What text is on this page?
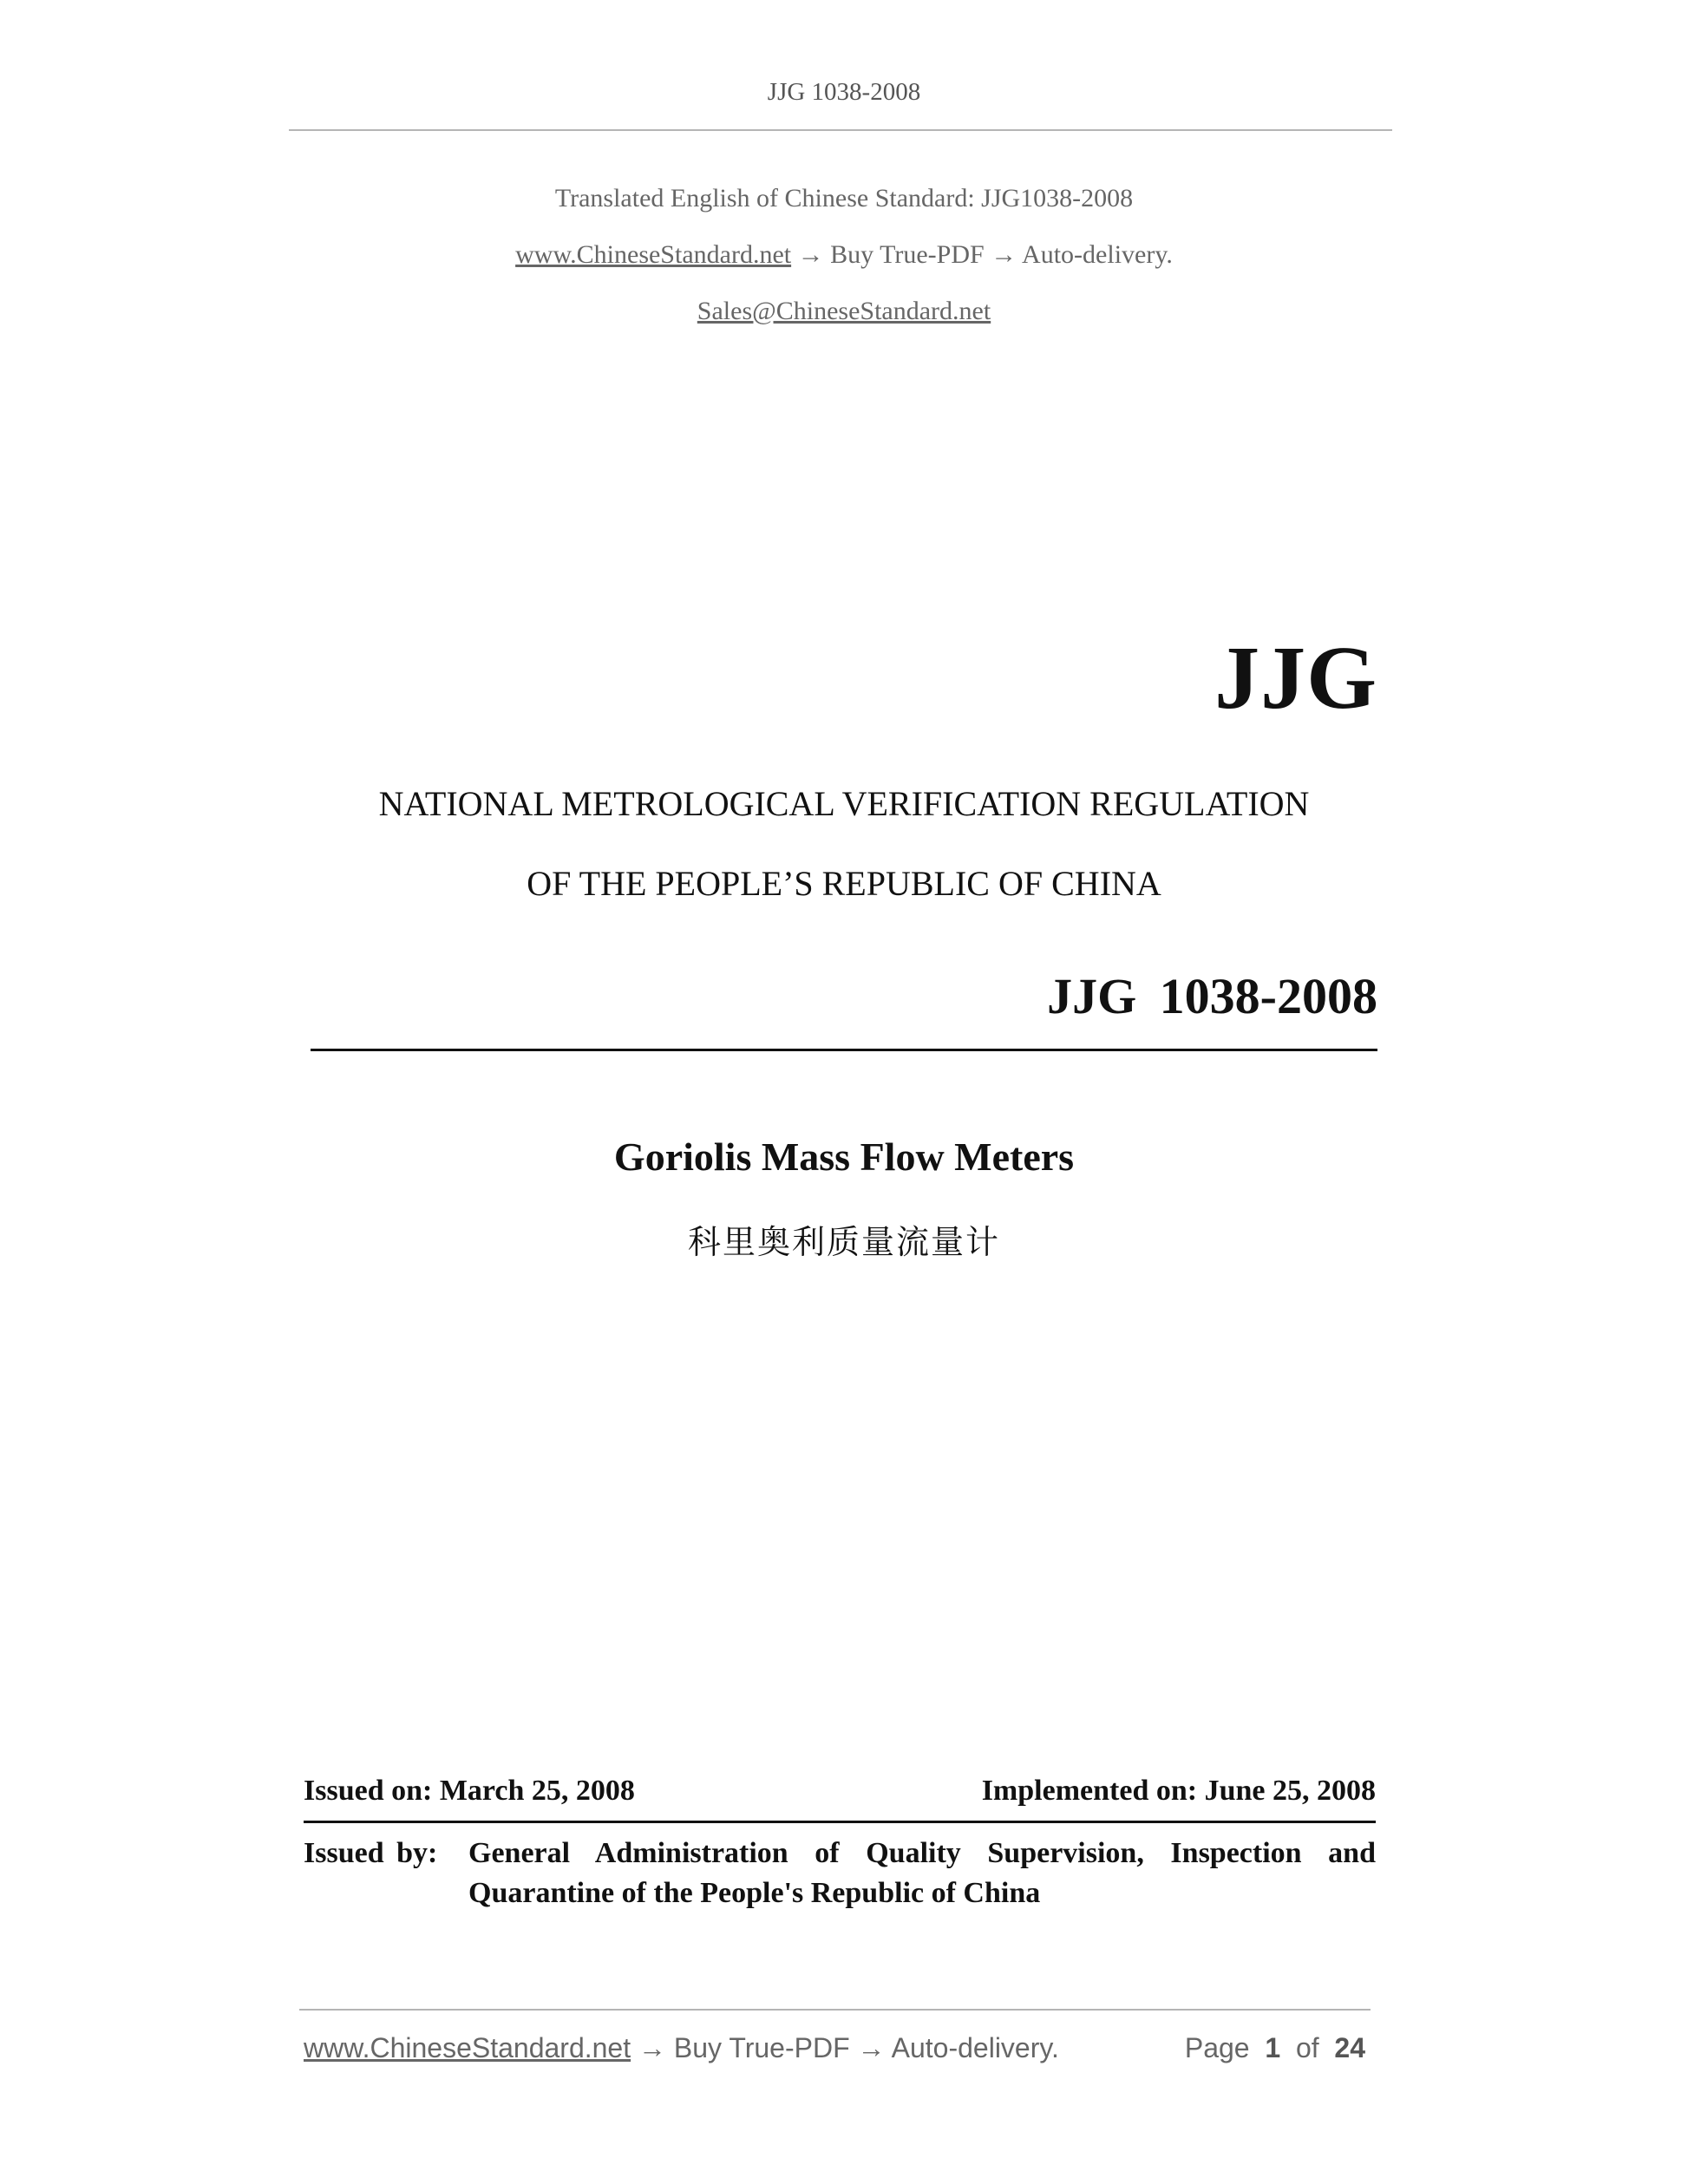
JJG 1038-2008
Translated English of Chinese Standard: JJG1038-2008
www.ChineseStandard.net → Buy True-PDF → Auto-delivery.
Sales@ChineseStandard.net
JJG
NATIONAL METROLOGICAL VERIFICATION REGULATION
OF THE PEOPLE’S REPUBLIC OF CHINA
JJG 1038-2008
Goriolis Mass Flow Meters
科里奥利质量流量计
Issued on: March 25, 2008	Implemented on: June 25, 2008
Issued by: General Administration of Quality Supervision, Inspection and
Quarantine of the People's Republic of China
www.ChineseStandard.net → Buy True-PDF → Auto-delivery.	Page 1 of 24
